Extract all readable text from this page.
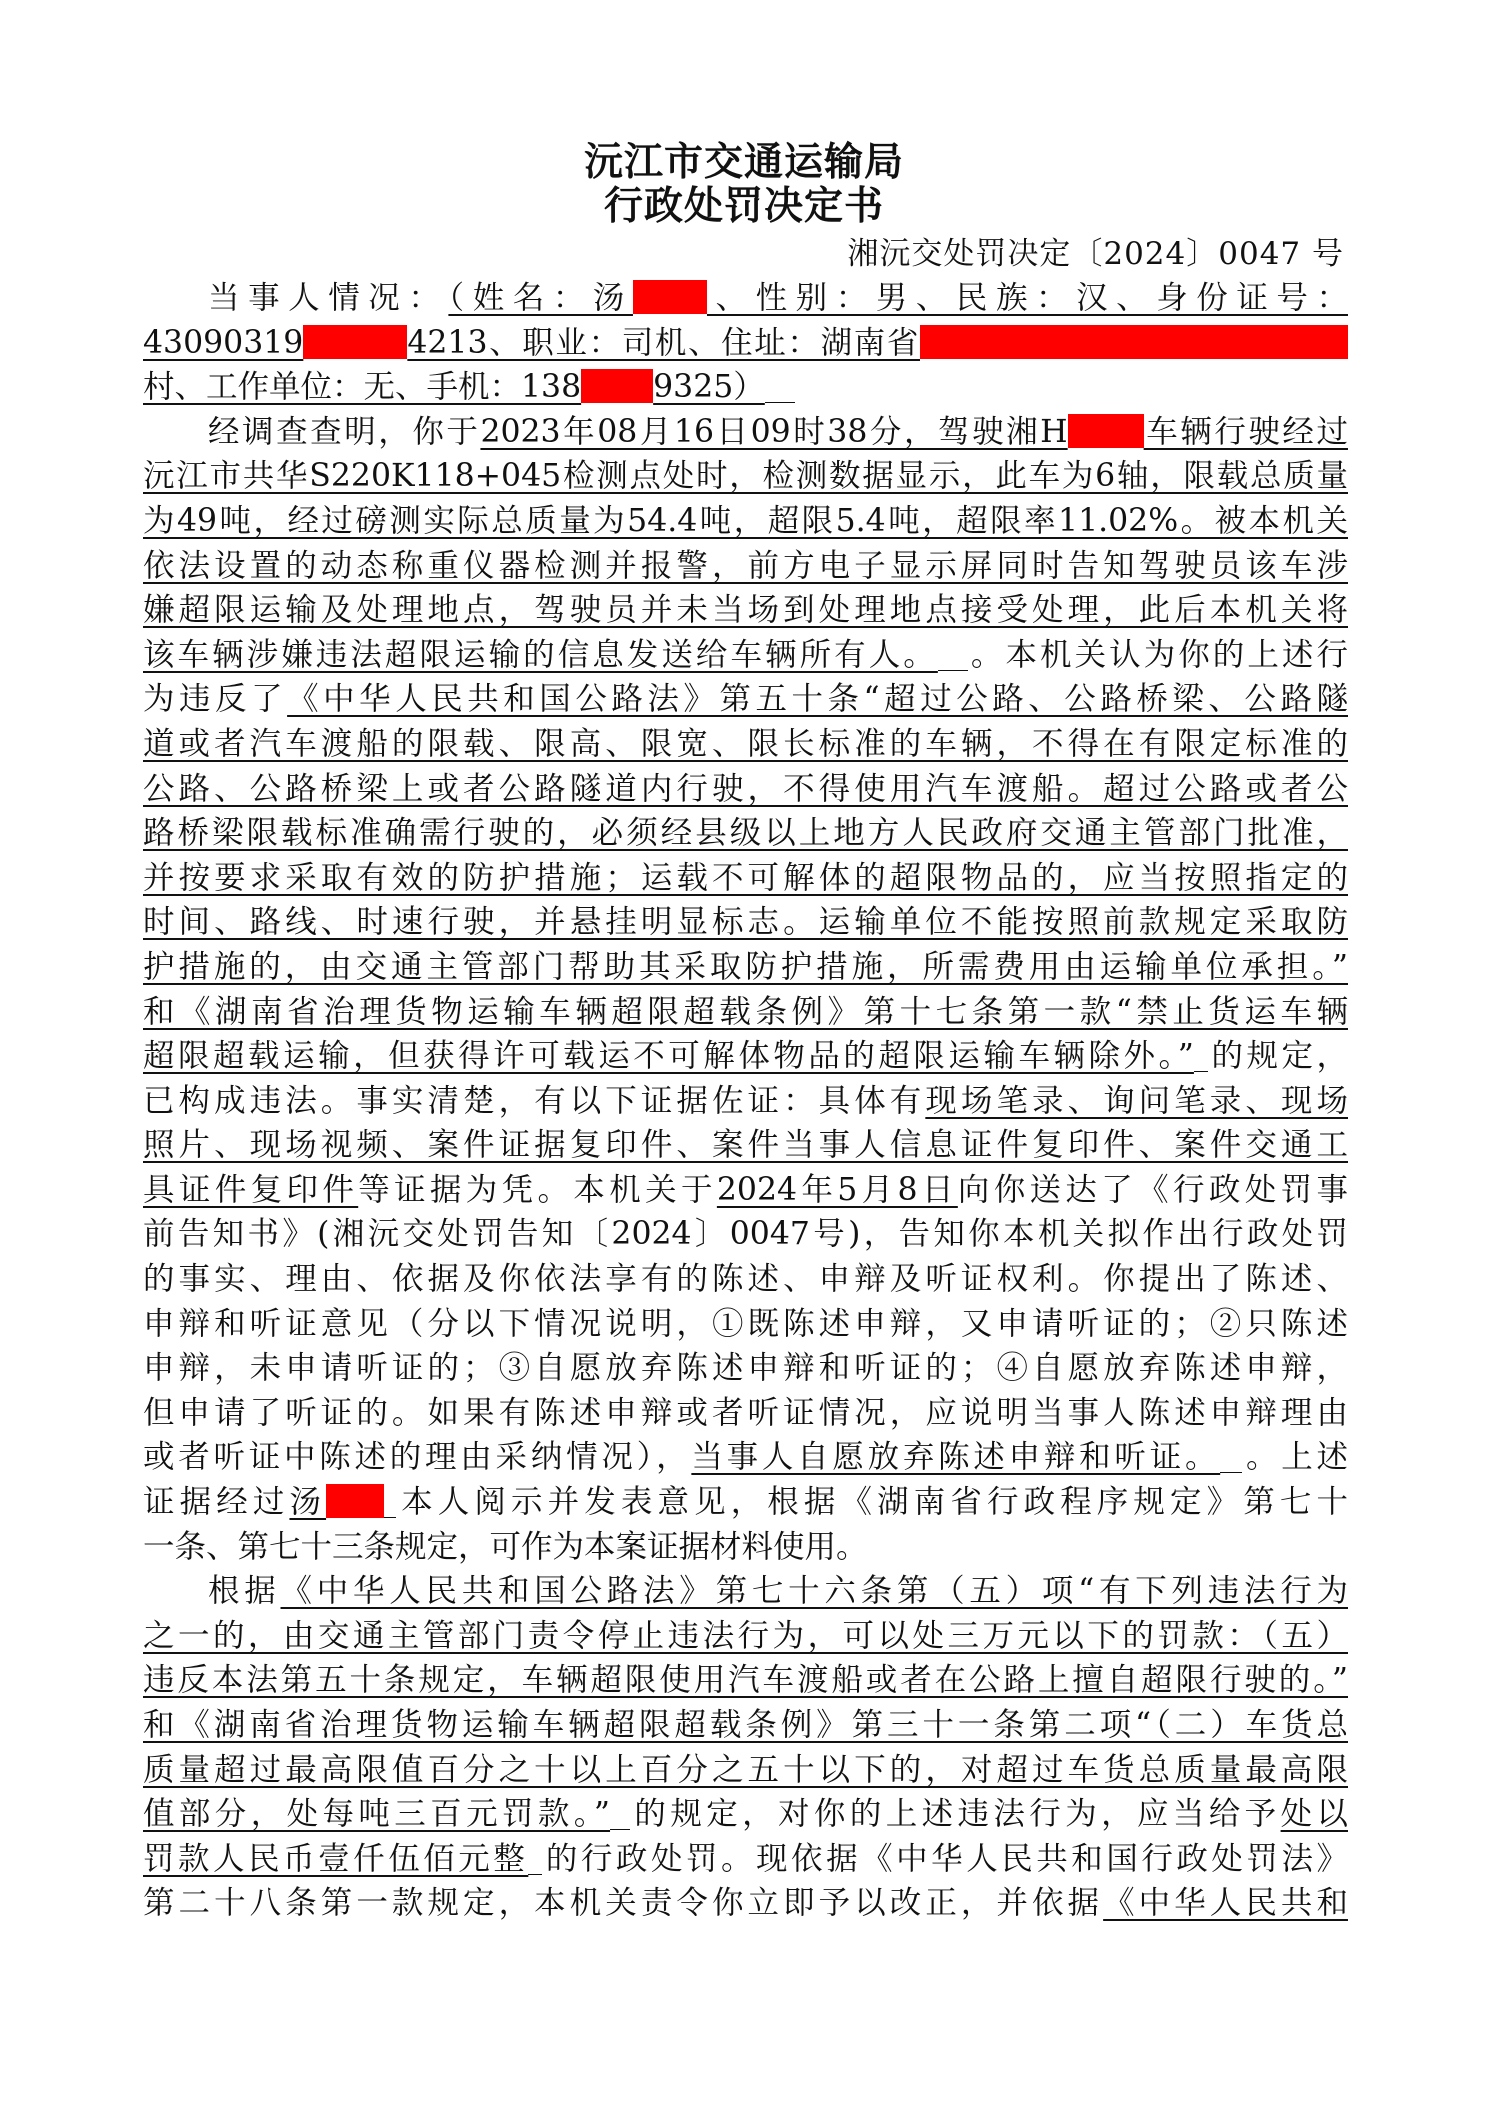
沅江市交通运输局
行政处罚决定书
湘沅交处罚决定〔2024〕0047 号
当事人情况：（姓名：汤 、性别：男、民族：汉、身份证号：
43090319	4213、职业：司机、住址：湖南省
村、工作单位：无、手机：138 9325）
经调查查明，你于2023年08月16日09时38分，驾驶湘H 车辆行驶经过
沅江市共华S220K118+045检测点处时，检测数据显示，此车为6轴，限载总质量
为49吨，经过磅测实际总质量为54.4吨，超限5.4吨，超限率11.02%。被本机关
依法设置的动态称重仪器检测并报警，前方电子显示屏同时告知驾驶员该车涉
嫌超限运输及处理地点，驾驶员并未当场到处理地点接受处理，此后本机关将
该车辆涉嫌违法超限运输的信息发送给车辆所有人。 。本机关认为你的上述行
为违反了《中华人民共和国公路法》第五十条“超过公路、公路桥梁、公路隧
道或者汽车渡船的限载、限高、限宽、限长标准的车辆，不得在有限定标准的
公路、公路桥梁上或者公路隧道内行驶，不得使用汽车渡船。超过公路或者公
路桥梁限载标准确需行驶的，必须经县级以上地方人民政府交通主管部门批准，
并按要求采取有效的防护措施；运载不可解体的超限物品的，应当按照指定的
时间、路线、时速行驶，并悬挂明显标志。运输单位不能按照前款规定采取防
护措施的，由交通主管部门帮助其采取防护措施，所需费用由运输单位承担。”
和《湖南省治理货物运输车辆超限超载条例》第十七条第一款“禁止货运车辆
超限超载运输，但获得许可载运不可解体物品的超限运输车辆除外。” 的规定，
已构成违法。事实清楚，有以下证据佐证：具体有现场笔录、询问笔录、现场
照片、现场视频、案件证据复印件、案件当事人信息证件复印件、案件交通工
具证件复印件等证据为凭。本机关于2024年5月8日向你送达了《行政处罚事
前告知书》(湘沅交处罚告知〔2024〕0047号)，告知你本机关拟作出行政处罚
的事实、理由、依据及你依法享有的陈述、申辩及听证权利。你提出了陈述、
申辩和听证意见（分以下情况说明，①既陈述申辩，又申请听证的；②只陈述
申辩，未申请听证的；③自愿放弃陈述申辩和听证的；④自愿放弃陈述申辩，
但申请了听证的。如果有陈述申辩或者听证情况，应说明当事人陈述申辩理由
或者听证中陈述的理由采纳情况），当事人自愿放弃陈述申辩和听证。 。上述
证据经过汤 本人阅示并发表意见，根据《湖南省行政程序规定》第七十
一条、第七十三条规定，可作为本案证据材料使用。
根据《中华人民共和国公路法》第七十六条第（五）项“有下列违法行为
之一的，由交通主管部门责令停止违法行为，可以处三万元以下的罚款：（五）
违反本法第五十条规定，车辆超限使用汽车渡船或者在公路上擅自超限行驶的。”
和《湖南省治理货物运输车辆超限超载条例》第三十一条第二项“（二）车货总
质量超过最高限值百分之十以上百分之五十以下的，对超过车货总质量最高限
值部分，处每吨三百元罚款。” 的规定，对你的上述违法行为，应当给予处以
罚款人民币壹仟伍佰元整 的行政处罚。现依据《中华人民共和国行政处罚法》
第二十八条第一款规定，本机关责令你立即予以改正，并依据《中华人民共和
